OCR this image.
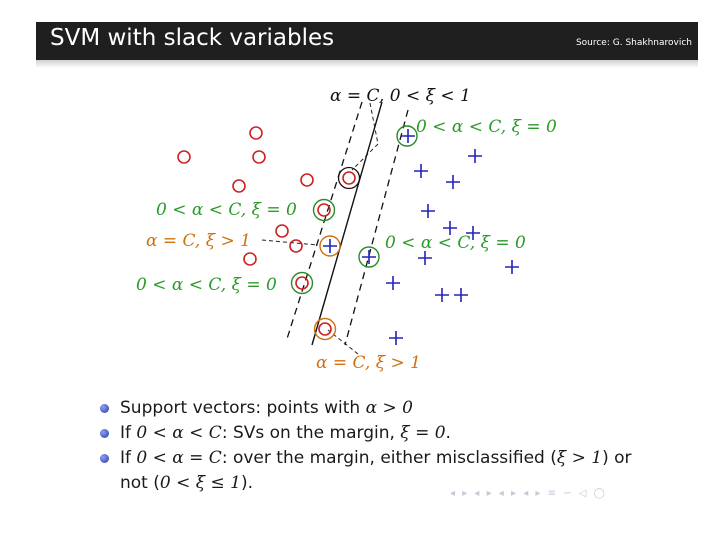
SVM with slack variables	Source: G. Shakhnarovich
α = C, 0 < ξ < 1
0 < α < C, ξ = 0
0 < α < C, ξ = 0
α = C, ξ > 1
0 < α < C, ξ = 0
0 < α < C, ξ = 0
α = C, ξ > 1
Support vectors: points with α > 0
If 0 < α < C: SVs on the margin, ξ = 0.
If 0 < α = C: over the margin, either misclassified (ξ > 1) or
not (0 < ξ ≤ 1).
◂ ▸ ◂ ▸ ◂ ▸ ◂ ▸ ≡ ∽ ◁ ◯
